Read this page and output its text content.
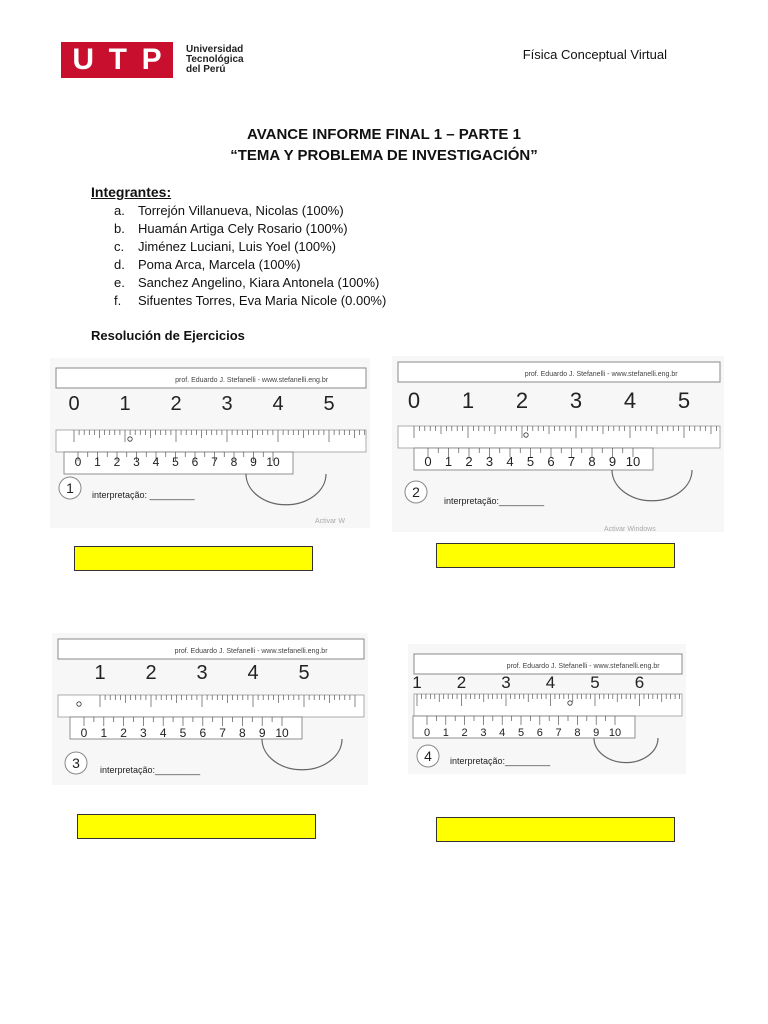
U T P Universidad
Tecnológica
del Perú
Física Conceptual Virtual
AVANCE INFORME FINAL 1 – PARTE 1
“TEMA Y PROBLEMA DE INVESTIGACIÓN”
Integrantes:
a. Torrejón Villanueva, Nicolas (100%)
b. Huamán Artiga Cely Rosario (100%)
c. Jiménez Luciani, Luis Yoel (100%)
d. Poma Arca, Marcela (100%)
e. Sanchez Angelino, Kiara Antonela (100%)
f. Sifuentes Torres, Eva Maria Nicole (0.00%)
Resolución de Ejercicios
prof. Eduardo J. Stefanelli - www.stefanelli.eng.br
0 1 2 3 4 5
0 1 2 3 4 5 6 7 8 9 10
1 interpretação: _________
Activar W
prof. Eduardo J. Stefanelli - www.stefanelli.eng.br
0 1 2 3 4 5
0 1 2 3 4 5 6 7 8 9 10
2
interpretação:_________
Activar Windows
prof. Eduardo J. Stefanelli - www.stefanelli.eng.br
1 2 3 4 5
0 1 2 3 4 5 6 7 8 9 10
3 interpretação:_________
prof. Eduardo J. Stefanelli - www.stefanelli.eng.br
1 2 3 4 5 6
0 1 2 3 4 5 6 7 8 9 10
4 interpretação:_________
